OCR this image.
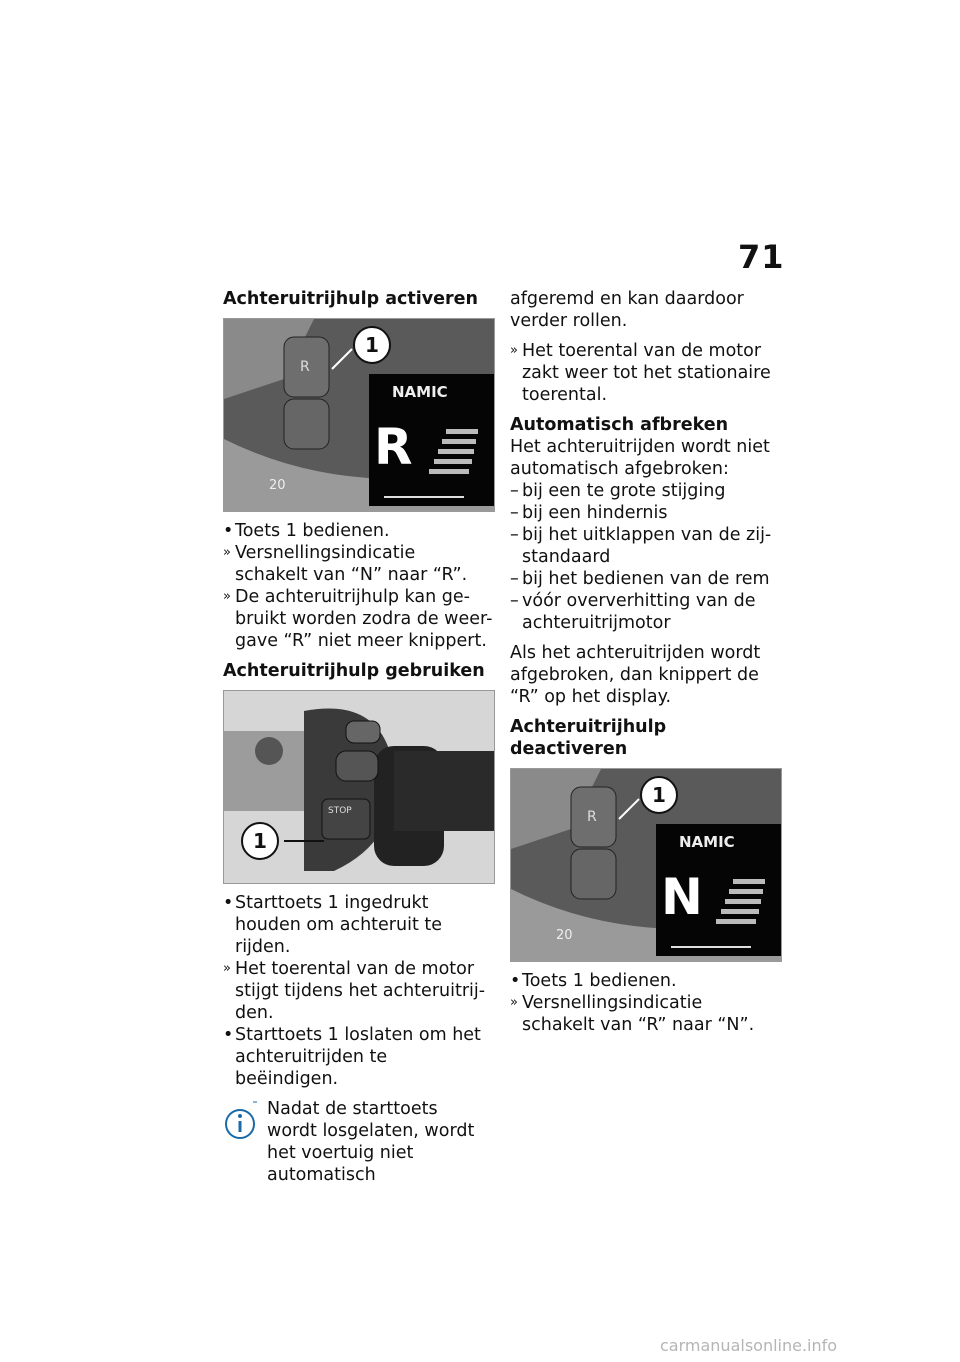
71
Achteruitrijhulp activeren
R
NAMIC
R
20
1
• Toets 1 bedienen.
» Versnellingsindicatie schakelt van “N” naar “R”.
» De achteruitrijhulp kan ge-bruikt worden zodra de weer-gave “R” niet meer knippert.
Achteruitrijhulp gebruiken
STOP
1
• Starttoets 1 ingedrukt houden om achteruit te rijden.
» Het toerental van de motor stijgt tijdens het achteruitrij-den.
• Starttoets 1 loslaten om het achteruitrijden te beëindigen.
Nadat de starttoets wordt losgelaten, wordt het voertuig niet automatisch

afgeremd en kan daardoor verder rollen.

» Het toerental van de motor zakt weer tot het stationaire toerental.
Automatisch afbreken

Het achteruitrijden wordt niet automatisch afgebroken:

– bij een te grote stijging
– bij een hindernis
– bij het uitklappen van de zij-standaard
– bij het bedienen van de rem
– vóór oververhitting van de achteruitrijmotor

Als het achteruitrijden wordt afgebroken, dan knippert de “R” op het display.

Achteruitrijhulp deactiveren
R
NAMIC
N
20
1
• Toets 1 bedienen.
» Versnellingsindicatie schakelt van “R” naar “N”.
carmanualsonline.info
